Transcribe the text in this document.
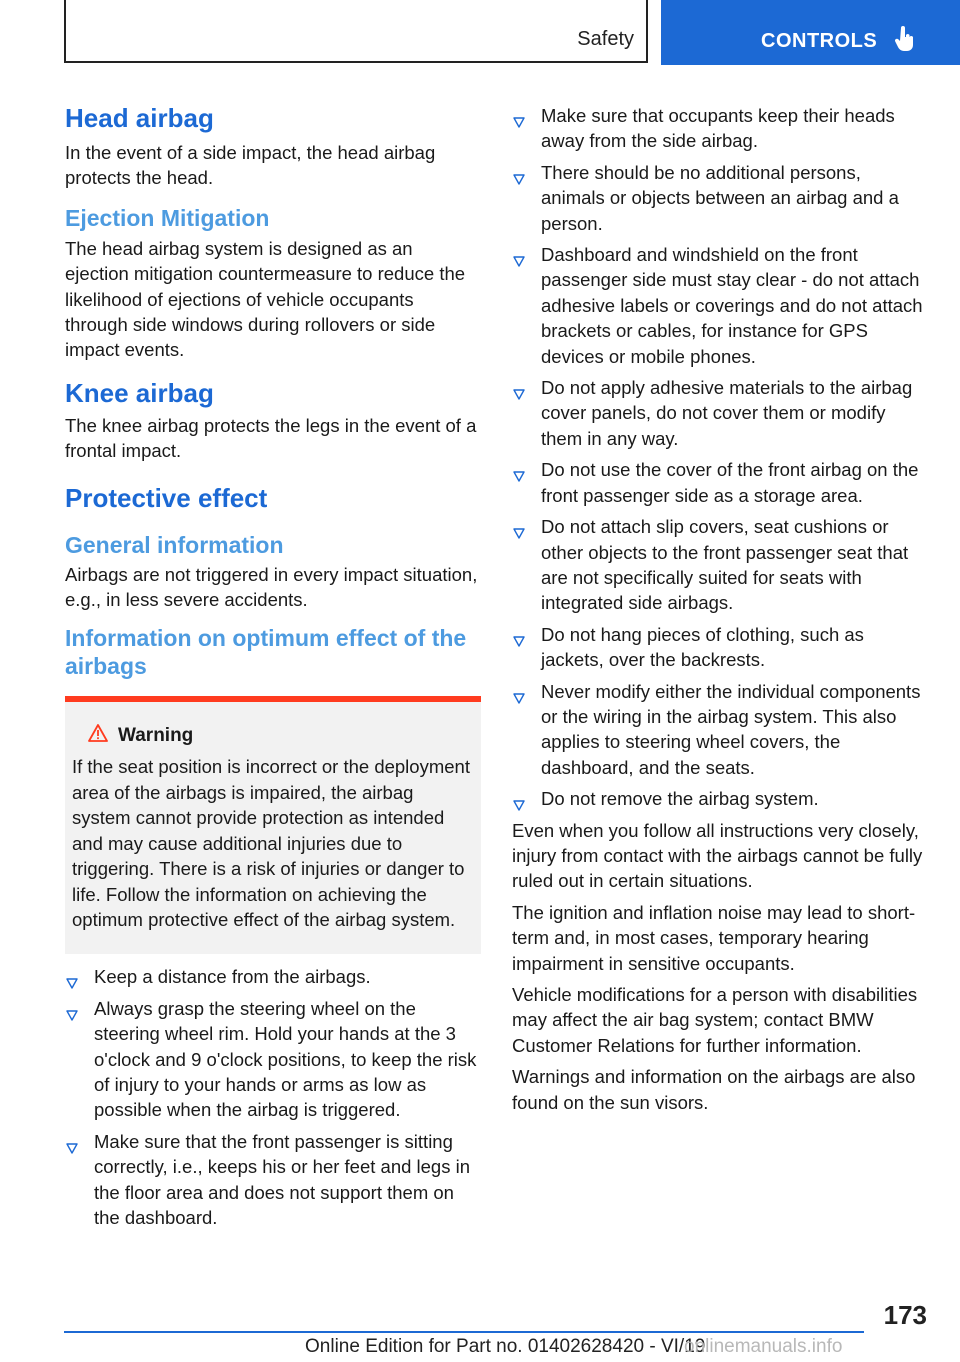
Safety	CONTROLS
Head airbag

In the event of a side impact, the head airbag protects the head.

Ejection Mitigation

The head airbag system is designed as an ejection mitigation countermeasure to reduce the likelihood of ejections of vehicle occupants through side windows during rollovers or side impact events.

Knee airbag

The knee airbag protects the legs in the event of a frontal impact.

Protective effect
General information

Airbags are not triggered in every impact situation, e.g., in less severe accidents.

Information on optimum effect of the airbags
Warning

If the seat position is incorrect or the deployment area of the airbags is impaired, the airbag system cannot provide protection as intended and may cause additional injuries due to triggering. There is a risk of injuries or danger to life. Follow the information on achieving the optimum protective effect of the airbag system.

Keep a distance from the airbags.
Always grasp the steering wheel on the steering wheel rim. Hold your hands at the 3 o'clock and 9 o'clock positions, to keep the risk of injury to your hands or arms as low as possible when the airbag is triggered.
Make sure that the front passenger is sitting correctly, i.e., keeps his or her feet and legs in the floor area and does not support them on the dashboard.
Make sure that occupants keep their heads away from the side airbag.
There should be no additional persons, animals or objects between an airbag and a person.
Dashboard and windshield on the front passenger side must stay clear - do not attach adhesive labels or coverings and do not attach brackets or cables, for instance for GPS devices or mobile phones.
Do not apply adhesive materials to the airbag cover panels, do not cover them or modify them in any way.
Do not use the cover of the front airbag on the front passenger side as a storage area.
Do not attach slip covers, seat cushions or other objects to the front passenger seat that are not specifically suited for seats with integrated side airbags.
Do not hang pieces of clothing, such as jackets, over the backrests.
Never modify either the individual components or the wiring in the airbag system. This also applies to steering wheel covers, the dashboard, and the seats.
Do not remove the airbag system.

Even when you follow all instructions very closely, injury from contact with the airbags cannot be fully ruled out in certain situations.

The ignition and inflation noise may lead to short-term and, in most cases, temporary hearing impairment in sensitive occupants.

Vehicle modifications for a person with disabilities may affect the air bag system; contact BMW Customer Relations for further information.

Warnings and information on the airbags are also found on the sun visors.

173
Online Edition for Part no. 01402628420 - VI/19
onlinemanuals.info
